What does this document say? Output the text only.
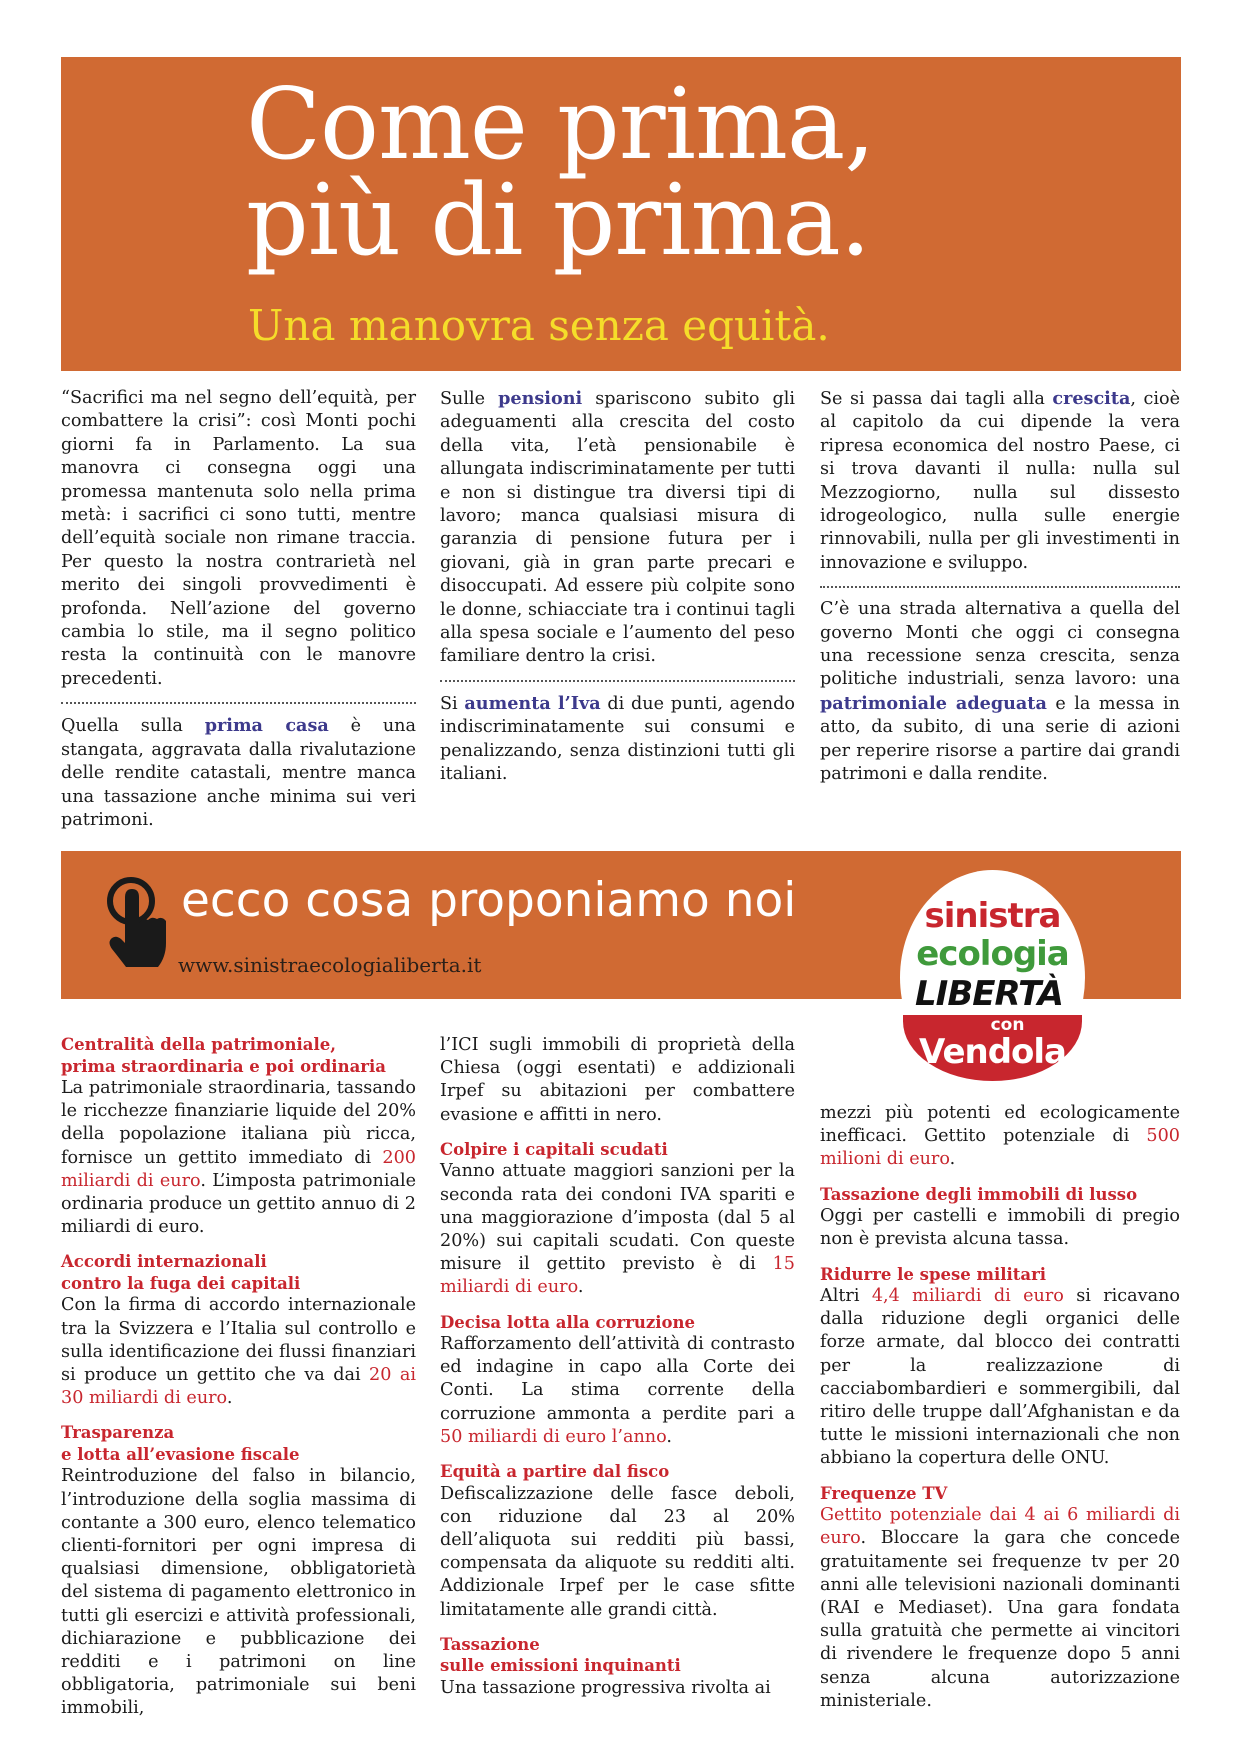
Come prima,
più di prima.
Una manovra senza equità.

“Sacrifici ma nel segno dell’equità, per combattere la crisi”: così Monti pochi giorni fa in Parlamento. La sua manovra ci consegna oggi una promessa mantenuta solo nella prima metà: i sacrifici ci sono tutti, mentre dell’equità sociale non rimane traccia. Per questo la nostra contrarietà nel merito dei singoli provvedimenti è profonda. Nell’azione del governo cambia lo stile, ma il segno politico resta la continuità con le manovre precedenti.

Quella sulla prima casa è una stangata, aggravata dalla rivalutazione delle rendite catastali, mentre manca una tassazione anche minima sui veri patrimoni.

Sulle pensioni spariscono subito gli adeguamenti alla crescita del costo della vita, l’età pensionabile è allungata indiscriminatamente per tutti e non si distingue tra diversi tipi di lavoro; manca qualsiasi misura di garanzia di pensione futura per i giovani, già in gran parte precari e disoccupati. Ad essere più colpite sono le donne, schiacciate tra i continui tagli alla spesa sociale e l’aumento del peso familiare dentro la crisi.

Si aumenta l’Iva di due punti, agendo indiscriminatamente sui consumi e penalizzando, senza distinzioni tutti gli italiani.

Se si passa dai tagli alla crescita, cioè al capitolo da cui dipende la vera ripresa economica del nostro Paese, ci si trova davanti il nulla: nulla sul Mezzogiorno, nulla sul dissesto idrogeologico, nulla sulle energie rinnovabili, nulla per gli investimenti in innovazione e sviluppo.

C’è una strada alternativa a quella del governo Monti che oggi ci consegna una recessione senza crescita, senza politiche industriali, senza lavoro: una patrimoniale adeguata e la messa in atto, da subito, di una serie di azioni per reperire risorse a partire dai grandi patrimoni e dalla rendite.

ecco cosa proponiamo noi
www.sinistraecologialiberta.it
sinistra
ecologia
LIBERTÀ
con
Vendola

Centralità della patrimoniale,
prima straordinaria e poi ordinaria

La patrimoniale straordinaria, tassando le ricchezze finanziarie liquide del 20% della popolazione italiana più ricca, fornisce un gettito immediato di 200 miliardi di euro. L’imposta patrimoniale ordinaria produce un gettito annuo di 2 miliardi di euro.

Accordi internazionali
contro la fuga dei capitali

Con la firma di accordo internazionale tra la Svizzera e l’Italia sul controllo e sulla identificazione dei flussi finanziari si produce un gettito che va dai 20 ai 30 miliardi di euro.

Trasparenza
e lotta all’evasione fiscale

Reintroduzione del falso in bilancio, l’introduzione della soglia massima di contante a 300 euro, elenco telematico clienti-fornitori per ogni impresa di qualsiasi dimensione, obbligatorietà del sistema di pagamento elettronico in tutti gli esercizi e attività professionali, dichiarazione e pubblicazione dei redditi e i patrimoni on line obbligatoria, patrimoniale sui beni immobili,

l’ICI sugli immobili di proprietà della Chiesa (oggi esentati) e addizionali Irpef su abitazioni per combattere evasione e affitti in nero.

Colpire i capitali scudati

Vanno attuate maggiori sanzioni per la seconda rata dei condoni IVA spariti e una maggiorazione d’imposta (dal 5 al 20%) sui capitali scudati. Con queste misure il gettito previsto è di 15 miliardi di euro.

Decisa lotta alla corruzione

Rafforzamento dell’attività di contrasto ed indagine in capo alla Corte dei Conti. La stima corrente della corruzione ammonta a perdite pari a 50 miliardi di euro l’anno.

Equità a partire dal fisco

Defiscalizzazione delle fasce deboli, con riduzione dal 23 al 20% dell’aliquota sui redditi più bassi, compensata da aliquote su redditi alti. Addizionale Irpef per le case sfitte limitatamente alle grandi città.

Tassazione
sulle emissioni inquinanti

Una tassazione progressiva rivolta ai

mezzi più potenti ed ecologicamente inefficaci. Gettito potenziale di 500 milioni di euro.

Tassazione degli immobili di lusso

Oggi per castelli e immobili di pregio non è prevista alcuna tassa.

Ridurre le spese militari

Altri 4,4 miliardi di euro si ricavano dalla riduzione degli organici delle forze armate, dal blocco dei contratti per la realizzazione di cacciabombardieri e sommergibili, dal ritiro delle truppe dall’Afghanistan e da tutte le missioni internazionali che non abbiano la copertura delle ONU.

Frequenze TV

Gettito potenziale dai 4 ai 6 miliardi di euro. Bloccare la gara che concede gratuitamente sei frequenze tv per 20 anni alle televisioni nazionali dominanti (RAI e Mediaset). Una gara fondata sulla gratuità che permette ai vincitori di rivendere le frequenze dopo 5 anni senza alcuna autorizzazione ministeriale.
